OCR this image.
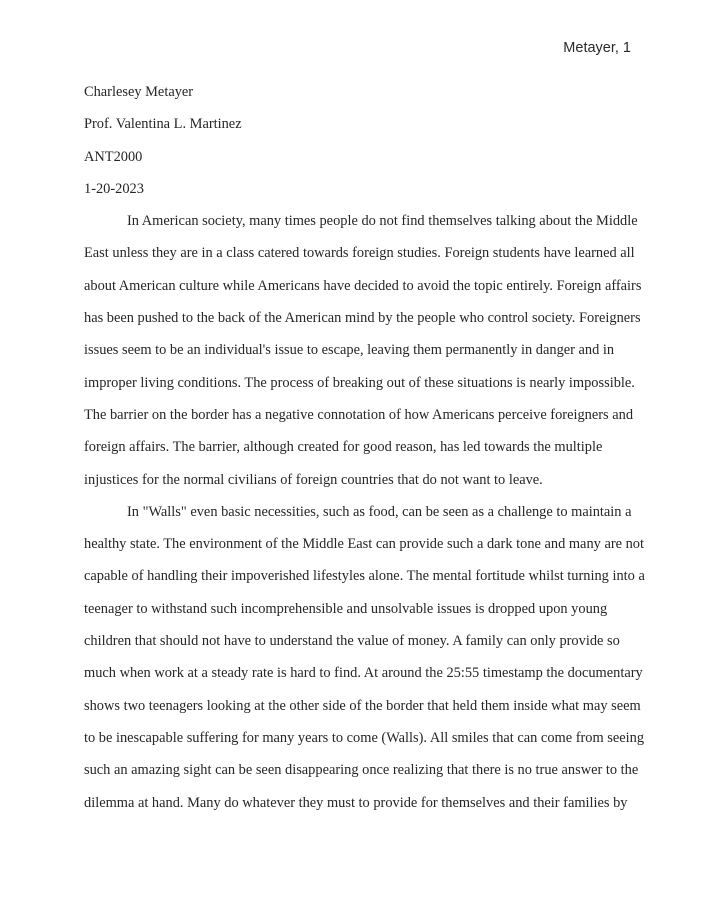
Metayer, 1
Charlesey Metayer
Prof. Valentina L. Martinez
ANT2000
1-20-2023
In American society, many times people do not find themselves talking about the Middle
East unless they are in a class catered towards foreign studies. Foreign students have learned all
about American culture while Americans have decided to avoid the topic entirely. Foreign affairs
has been pushed to the back of the American mind by the people who control society. Foreigners
issues seem to be an individual's issue to escape, leaving them permanently in danger and in
improper living conditions. The process of breaking out of these situations is nearly impossible.
The barrier on the border has a negative connotation of how Americans perceive foreigners and
foreign affairs. The barrier, although created for good reason, has led towards the multiple
injustices for the normal civilians of foreign countries that do not want to leave.
In "Walls" even basic necessities, such as food, can be seen as a challenge to maintain a
healthy state. The environment of the Middle East can provide such a dark tone and many are not
capable of handling their impoverished lifestyles alone. The mental fortitude whilst turning into a
teenager to withstand such incomprehensible and unsolvable issues is dropped upon young
children that should not have to understand the value of money. A family can only provide so
much when work at a steady rate is hard to find. At around the 25:55 timestamp the documentary
shows two teenagers looking at the other side of the border that held them inside what may seem
to be inescapable suffering for many years to come (Walls). All smiles that can come from seeing
such an amazing sight can be seen disappearing once realizing that there is no true answer to the
dilemma at hand. Many do whatever they must to provide for themselves and their families by
